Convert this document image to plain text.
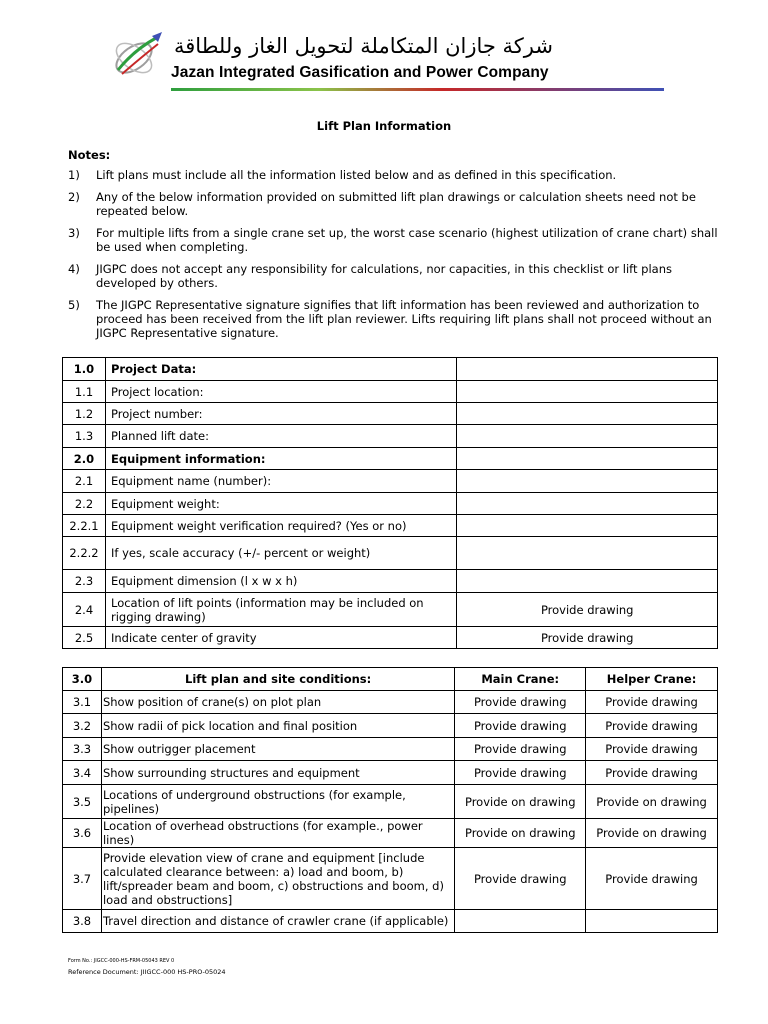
شركة جازان المتكاملة لتحويل الغاز وللطاقة
Jazan Integrated Gasification and Power Company
Lift Plan Information
Notes:
1)	Lift plans must include all the information listed below and as defined in this specification.
2)	Any of the below information provided on submitted lift plan drawings or calculation sheets need not be repeated below.
3)	For multiple lifts from a single crane set up, the worst case scenario (highest utilization of crane chart) shall be used when completing.
4)	JIGPC does not accept any responsibility for calculations, nor capacities, in this checklist or lift plans developed by others.
5)	The JIGPC Representative signature signifies that lift information has been reviewed and authorization to proceed has been received from the lift plan reviewer. Lifts requiring lift plans shall not proceed without an JIGPC Representative signature.
1.0	Project Data:	
1.1	Project location:	
1.2	Project number:	
1.3	Planned lift date:	
2.0	Equipment information:	
2.1	Equipment name (number):	
2.2	Equipment weight:	
2.2.1	Equipment weight verification required? (Yes or no)	
2.2.2	If yes, scale accuracy (+/- percent or weight)	
2.3	Equipment dimension (l x w x h)	
2.4	Location of lift points (information may be included on rigging drawing)	Provide drawing
2.5	Indicate center of gravity	Provide drawing
3.0	Lift plan and site conditions:	Main Crane:	Helper Crane:
3.1	Show position of crane(s) on plot plan	Provide drawing	Provide drawing
3.2	Show radii of pick location and final position	Provide drawing	Provide drawing
3.3	Show outrigger placement	Provide drawing	Provide drawing
3.4	Show surrounding structures and equipment	Provide drawing	Provide drawing
3.5	Locations of underground obstructions (for example, pipelines)	Provide on drawing	Provide on drawing
3.6	Location of overhead obstructions (for example., power lines)	Provide on drawing	Provide on drawing
3.7	Provide elevation view of crane and equipment [include calculated clearance between: a) load and boom, b) lift/spreader beam and boom, c) obstructions and boom, d) load and obstructions]	Provide drawing	Provide drawing
3.8	Travel direction and distance of crawler crane (if applicable)		
Form No.: JIGCC-000-HS-FRM-05043 REV 0
Reference Document: JIIGCC-000 HS-PRO-05024
